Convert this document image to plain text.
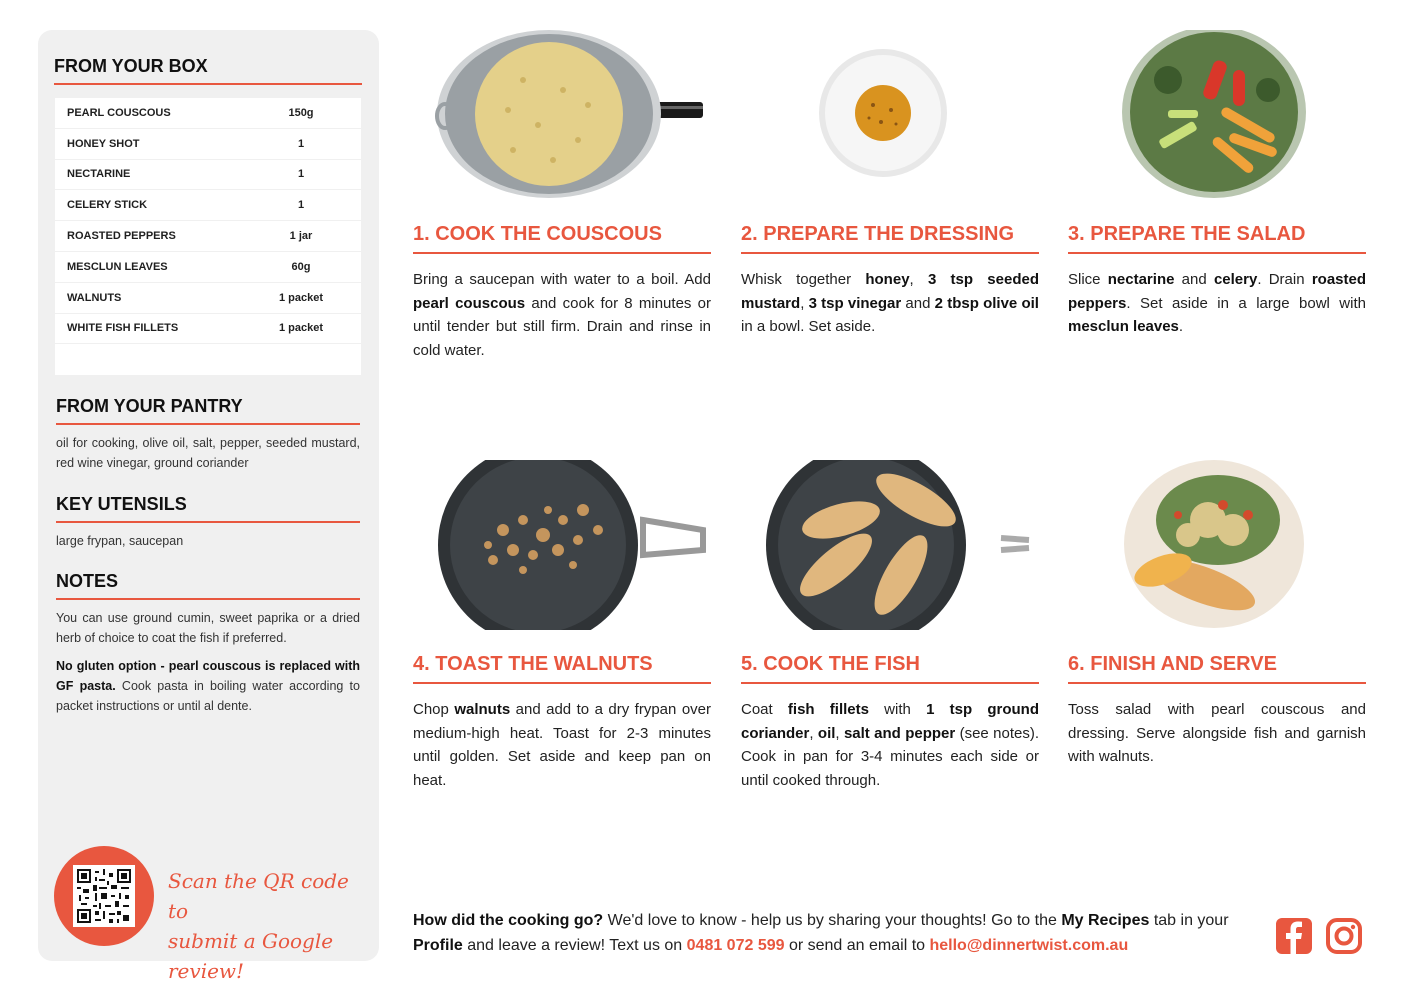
FROM YOUR BOX
PEARL COUSCOUS	150g
HONEY SHOT	1
NECTARINE	1
CELERY STICK	1
ROASTED PEPPERS	1 jar
MESCLUN LEAVES	60g
WALNUTS	1 packet
WHITE FISH FILLETS	1 packet
FROM YOUR PANTRY
oil for cooking, olive oil, salt, pepper, seeded mustard, red wine vinegar, ground coriander
KEY UTENSILS
large frypan, saucepan
NOTES
You can use ground cumin, sweet paprika or a dried herb of choice to coat the fish if preferred.
No gluten option - pearl couscous is replaced with GF pasta. Cook pasta in boiling water according to packet instructions or until al dente.
Scan the QR code to
submit a Google review!
1. COOK THE COUSCOUS
Bring a saucepan with water to a boil. Add pearl couscous and cook for 8 minutes or until tender but still firm. Drain and rinse in cold water.
2. PREPARE THE DRESSING
Whisk together honey, 3 tsp seeded mustard, 3 tsp vinegar and 2 tbsp olive oil in a bowl. Set aside.
3. PREPARE THE SALAD
Slice nectarine and celery. Drain roasted peppers. Set aside in a large bowl with mesclun leaves.
4. TOAST THE WALNUTS
Chop walnuts and add to a dry frypan over medium-high heat. Toast for 2-3 minutes until golden. Set aside and keep pan on heat.
5. COOK THE FISH
Coat fish fillets with 1 tsp ground coriander, oil, salt and pepper (see notes). Cook in pan for 3-4 minutes each side or until cooked through.
6. FINISH AND SERVE
Toss salad with pearl couscous and dressing. Serve alongside fish and garnish with walnuts.
How did the cooking go? We'd love to know - help us by sharing your thoughts! Go to the My Recipes tab in your Profile and leave a review! Text us on 0481 072 599 or send an email to hello@dinnertwist.com.au
